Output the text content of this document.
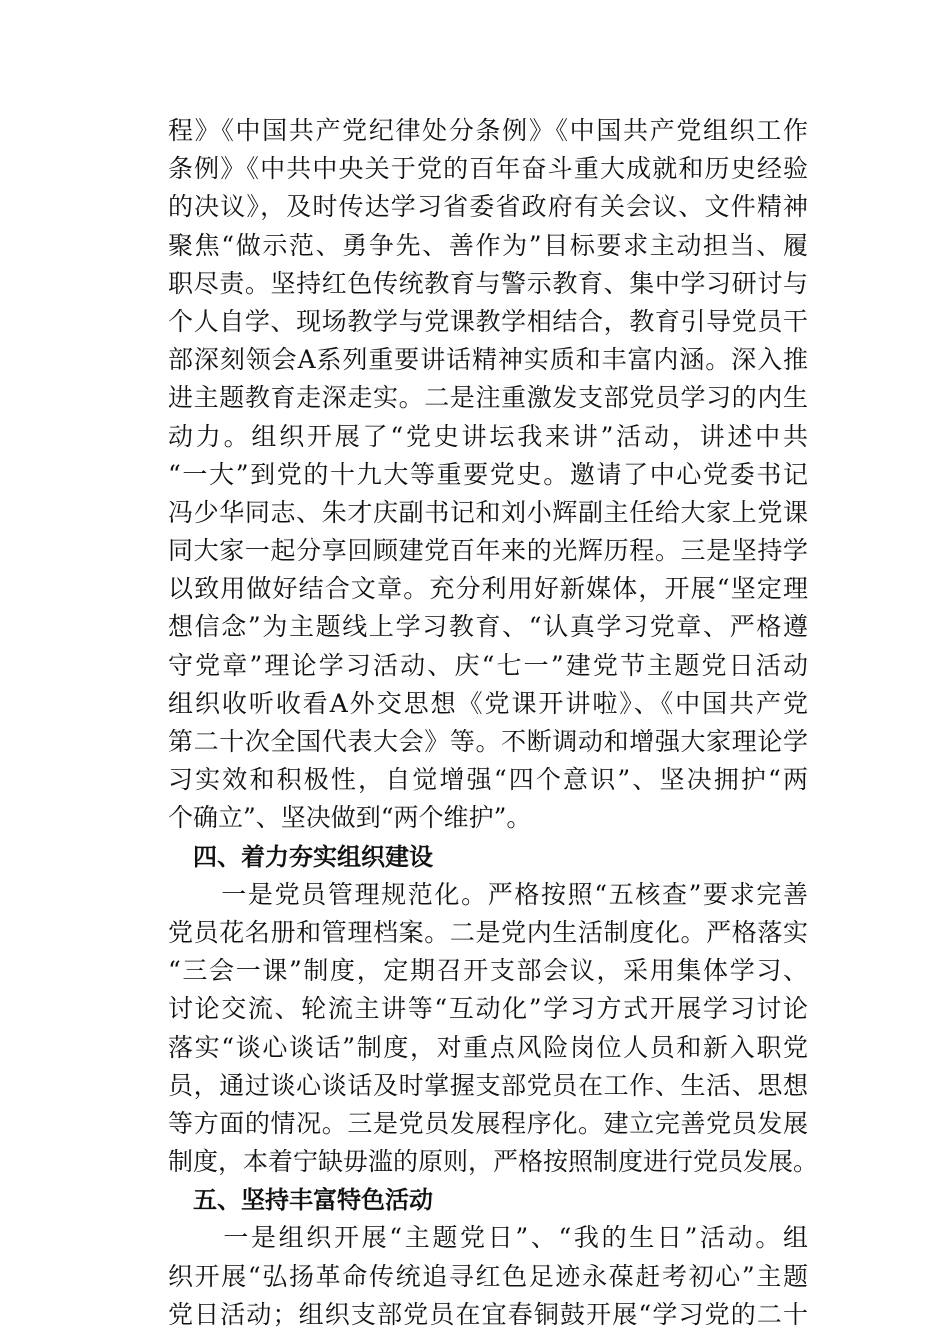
程》《中国共产党纪律处分条例》《中国共产党组织工作
条例》《中共中央关于党的百年奋斗重大成就和历史经验
的决议》，及时传达学习省委省政府有关会议、文件精神
聚焦“做示范、勇争先、善作为”目标要求主动担当、履
职尽责。坚持红色传统教育与警示教育、集中学习研讨与
个人自学、现场教学与党课教学相结合，教育引导党员干
部深刻领会A系列重要讲话精神实质和丰富内涵。深入推
进主题教育走深走实。二是注重激发支部党员学习的内生
动力。组织开展了“党史讲坛我来讲”活动，讲述中共
“一大”到党的十九大等重要党史。邀请了中心党委书记
冯少华同志、朱才庆副书记和刘小辉副主任给大家上党课
同大家一起分享回顾建党百年来的光辉历程。三是坚持学
以致用做好结合文章。充分利用好新媒体，开展“坚定理
想信念”为主题线上学习教育、“认真学习党章、严格遵
守党章”理论学习活动、庆“七一”建党节主题党日活动
组织收听收看A外交思想《党课开讲啦》、《中国共产党
第二十次全国代表大会》等。不断调动和增强大家理论学
习实效和积极性，自觉增强“四个意识”、坚决拥护“两
个确立”、坚决做到“两个维护”。
四、着力夯实组织建设
　　一是党员管理规范化。严格按照“五核查”要求完善
党员花名册和管理档案。二是党内生活制度化。严格落实
“三会一课”制度，定期召开支部会议，采用集体学习、
讨论交流、轮流主讲等“互动化”学习方式开展学习讨论
落实“谈心谈话”制度，对重点风险岗位人员和新入职党
员，通过谈心谈话及时掌握支部党员在工作、生活、思想
等方面的情况。三是党员发展程序化。建立完善党员发展
制度，本着宁缺毋滥的原则，严格按照制度进行党员发展。
五、坚持丰富特色活动
　　一是组织开展“主题党日”、“我的生日”活动。组
织开展“弘扬革命传统追寻红色足迹永葆赶考初心”主题
党日活动；组织支部党员在宜春铜鼓开展“学习党的二十
